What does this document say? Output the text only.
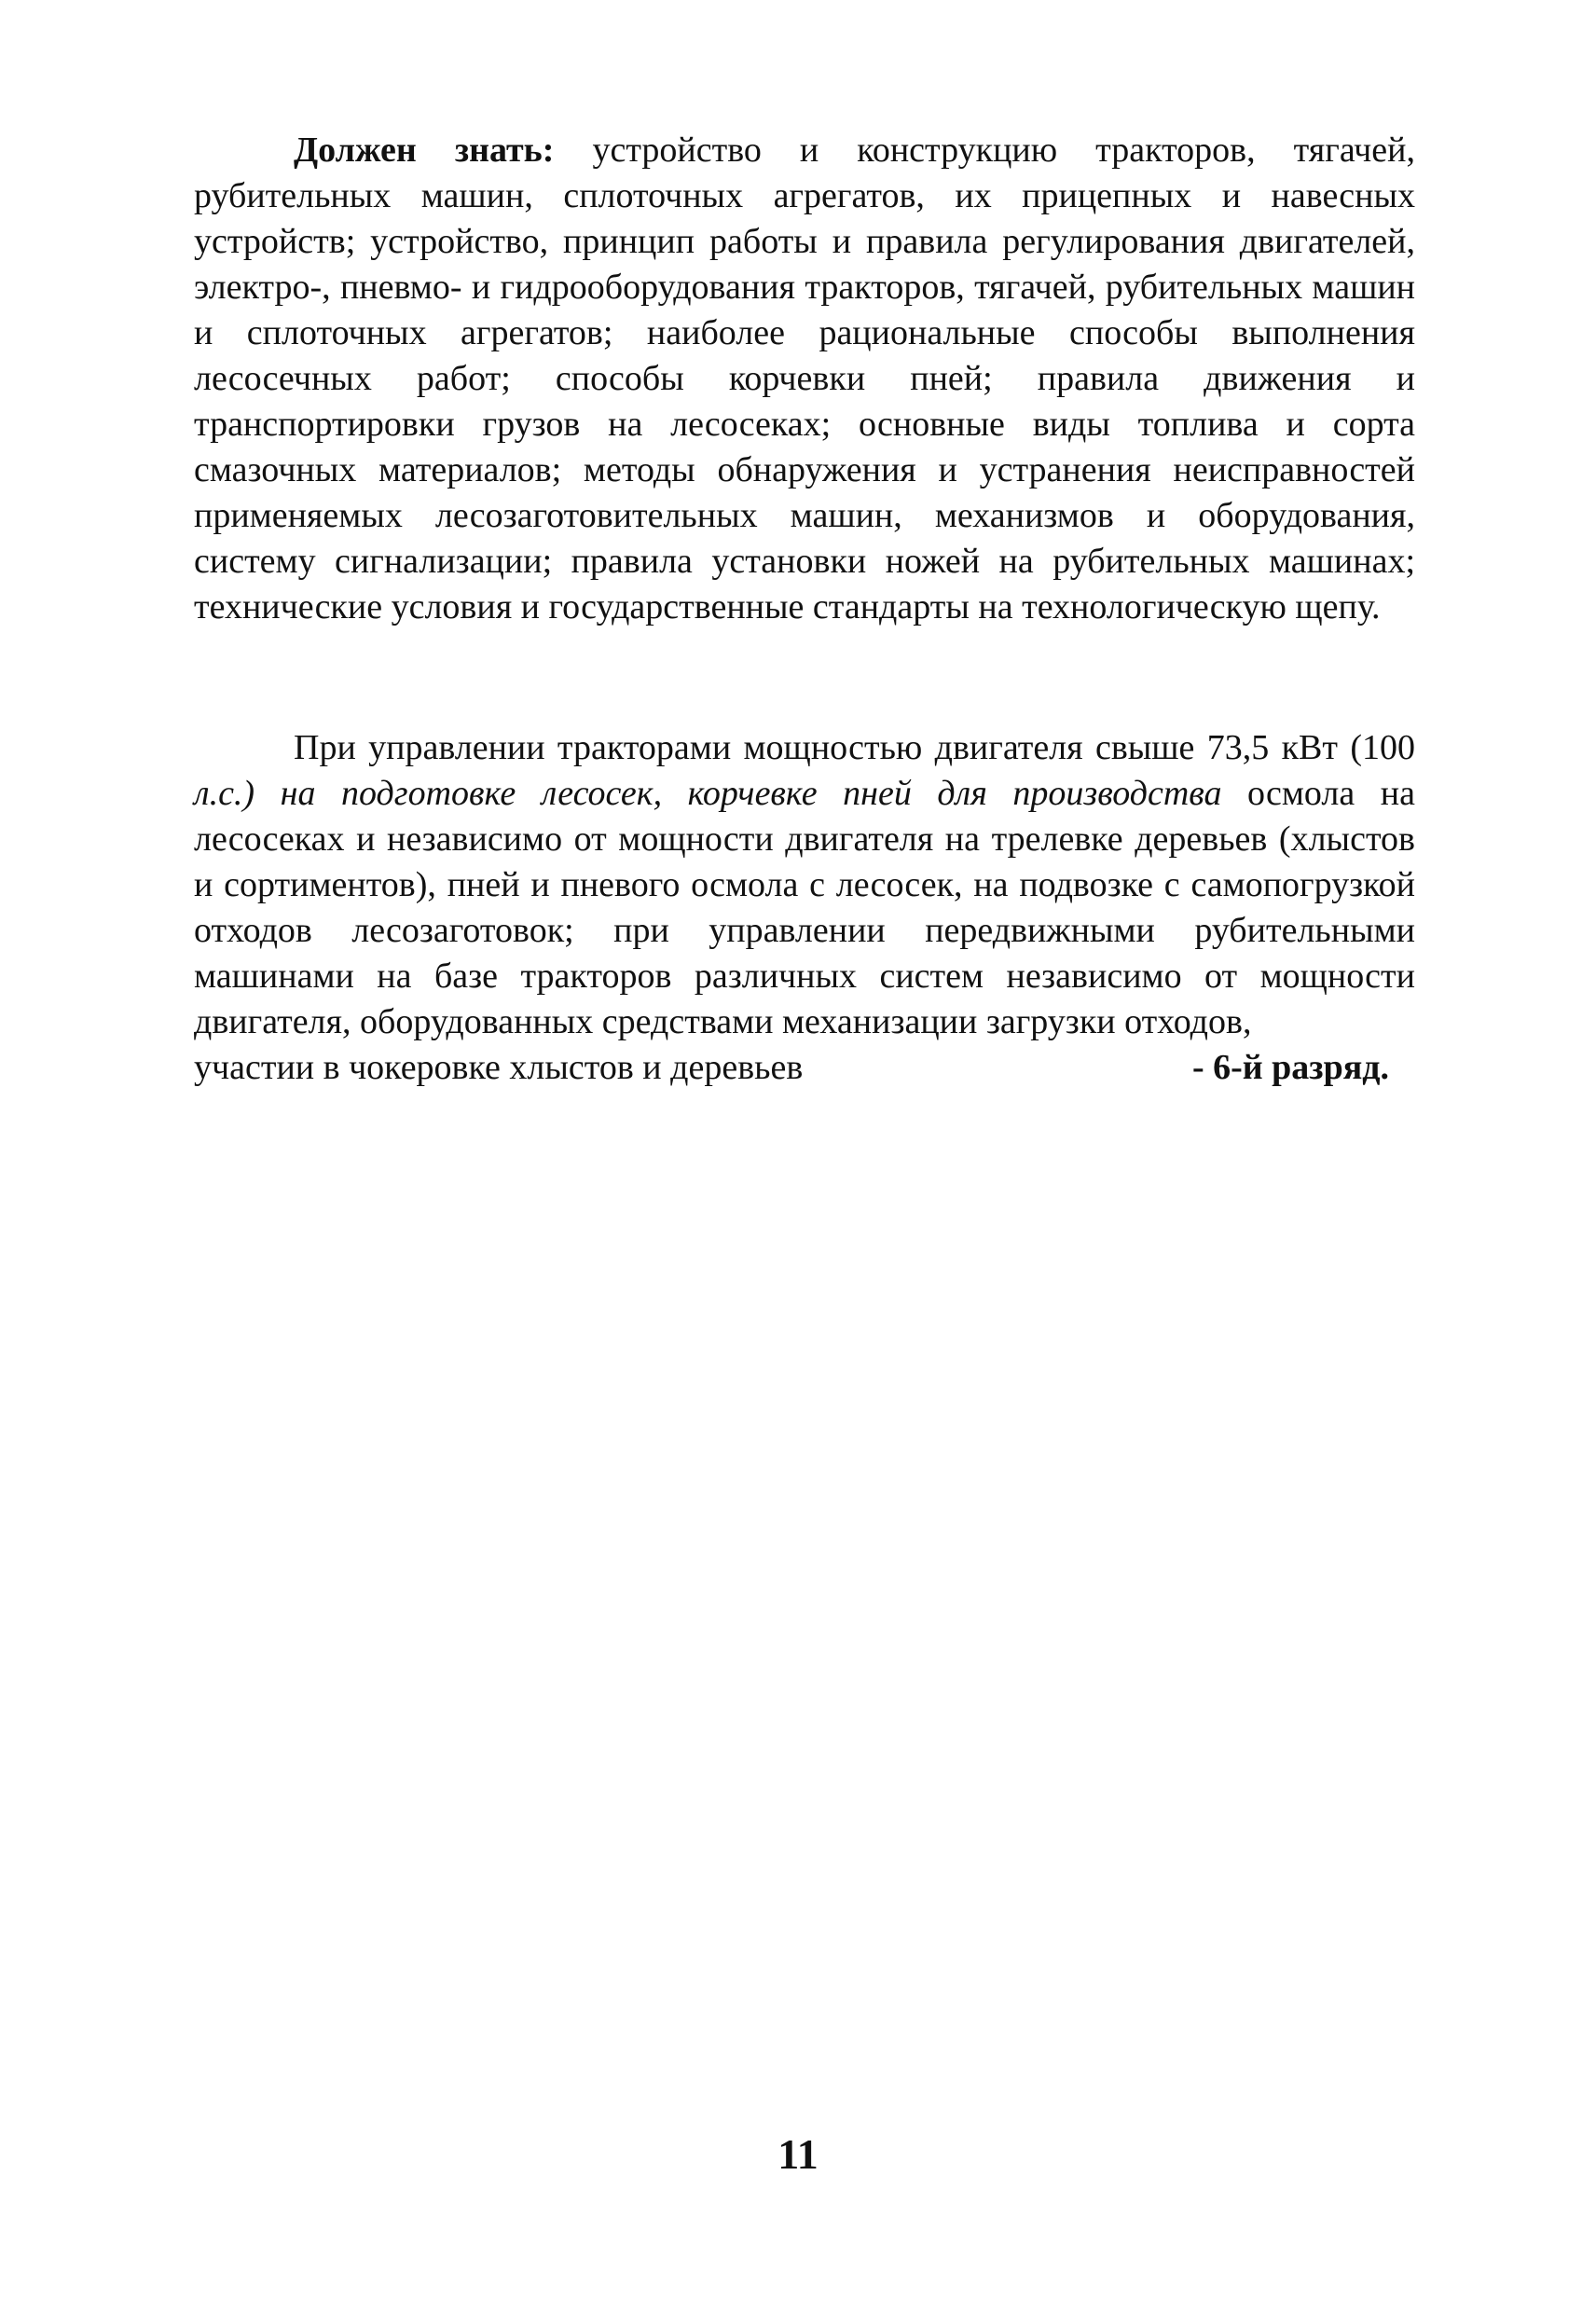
Должен знать: устройство и конструкцию тракторов, тягачей, рубительных машин, сплоточных агрегатов, их прицепных и навесных устройств; устройство, принцип работы и правила регулирования двигателей, электро-, пневмо- и гидрооборудования тракторов, тягачей, рубительных машин и сплоточных агрегатов; наиболее рациональные способы выполнения лесосечных работ; способы корчевки пней; правила движения и транспортировки грузов на лесосеках; основные виды топлива и сорта смазочных материалов; методы обнаружения и устранения неисправностей применяемых лесозаготовительных машин, механизмов и оборудования, систему сигнализации; правила установки ножей на рубительных машинах; технические условия и государственные стандарты на технологическую щепу.

При управлении тракторами мощностью двигателя свыше 73,5 кВт (100 л.с.) на подготовке лесосек, корчевке пней для производства осмола на лесосеках и независимо от мощности двигателя на трелевке деревьев (хлыстов и сортиментов), пней и пневого осмола с лесосек, на подвозке с самопогрузкой отходов лесозаготовок; при управлении передвижными рубительными машинами на базе тракторов различных систем независимо от мощности двигателя, оборудованных средствами механизации загрузки отходов,
участии в чокеровке хлыстов и деревьев	- 6-й разряд.

11
